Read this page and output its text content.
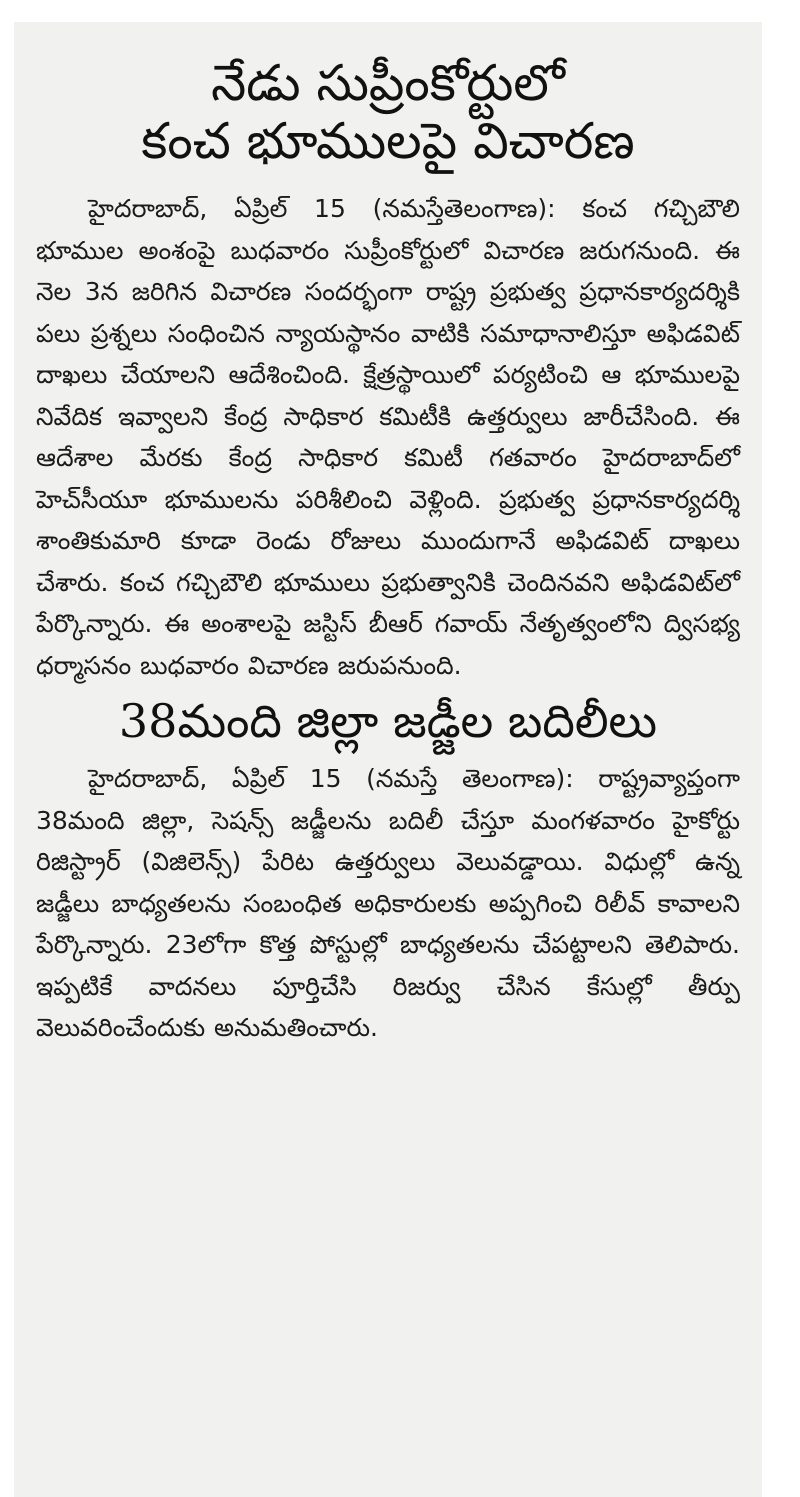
నేడు సుప్రీంకోర్టులో
కంచ భూములపై విచారణ

హైదరాబాద్, ఏప్రిల్ 15 (నమస్తేతెలంగాణ): కంచ గచ్చిబౌలి భూముల అంశంపై బుధవారం సుప్రీంకోర్టులో విచారణ జరుగనుంది. ఈ నెల 3న జరిగిన విచారణ సందర్భంగా రాష్ట్ర ప్రభుత్వ ప్రధానకార్యదర్శికి పలు ప్రశ్నలు సంధించిన న్యాయస్థానం వాటికి సమాధానాలిస్తూ అఫిడవిట్ దాఖలు చేయాలని ఆదేశించింది. క్షేత్రస్థాయిలో పర్యటించి ఆ భూములపై నివేదిక ఇవ్వాలని కేంద్ర సాధికార కమిటీకి ఉత్తర్వులు జారీచేసింది. ఈ ఆదేశాల మేరకు కేంద్ర సాధికార కమిటీ గతవారం హైదరాబాద్‌లో హెచ్‌సీయూ భూములను పరిశీలించి వెళ్లింది. ప్రభుత్వ ప్రధానకార్యదర్శి శాంతికుమారి కూడా రెండు రోజులు ముందుగానే అఫిడవిట్ దాఖలు చేశారు. కంచ గచ్చిబౌలి భూములు ప్రభుత్వానికి చెందినవని అఫిడవిట్‌లో పేర్కొన్నారు. ఈ అంశాలపై జస్టిస్ బీఆర్ గవాయ్ నేతృత్వంలోని ద్విసభ్య ధర్మాసనం బుధవారం విచారణ జరుపనుంది.

38మంది జిల్లా జడ్జీల బదిలీలు

హైదరాబాద్, ఏప్రిల్ 15 (నమస్తే తెలంగాణ): రాష్ట్రవ్యాప్తంగా 38మంది జిల్లా, సెషన్స్ జడ్జీలను బదిలీ చేస్తూ మంగళవారం హైకోర్టు రిజిస్ట్రార్ (విజిలెన్స్) పేరిట ఉత్తర్వులు వెలువడ్డాయి. విధుల్లో ఉన్న జడ్జీలు బాధ్యతలను సంబంధిత అధికారులకు అప్పగించి రిలీవ్ కావాలని పేర్కొన్నారు. 23లోగా కొత్త పోస్టుల్లో బాధ్యతలను చేపట్టాలని తెలిపారు. ఇప్పటికే వాదనలు పూర్తిచేసి రిజర్వు చేసిన కేసుల్లో తీర్పు వెలువరించేందుకు అనుమతించారు.
